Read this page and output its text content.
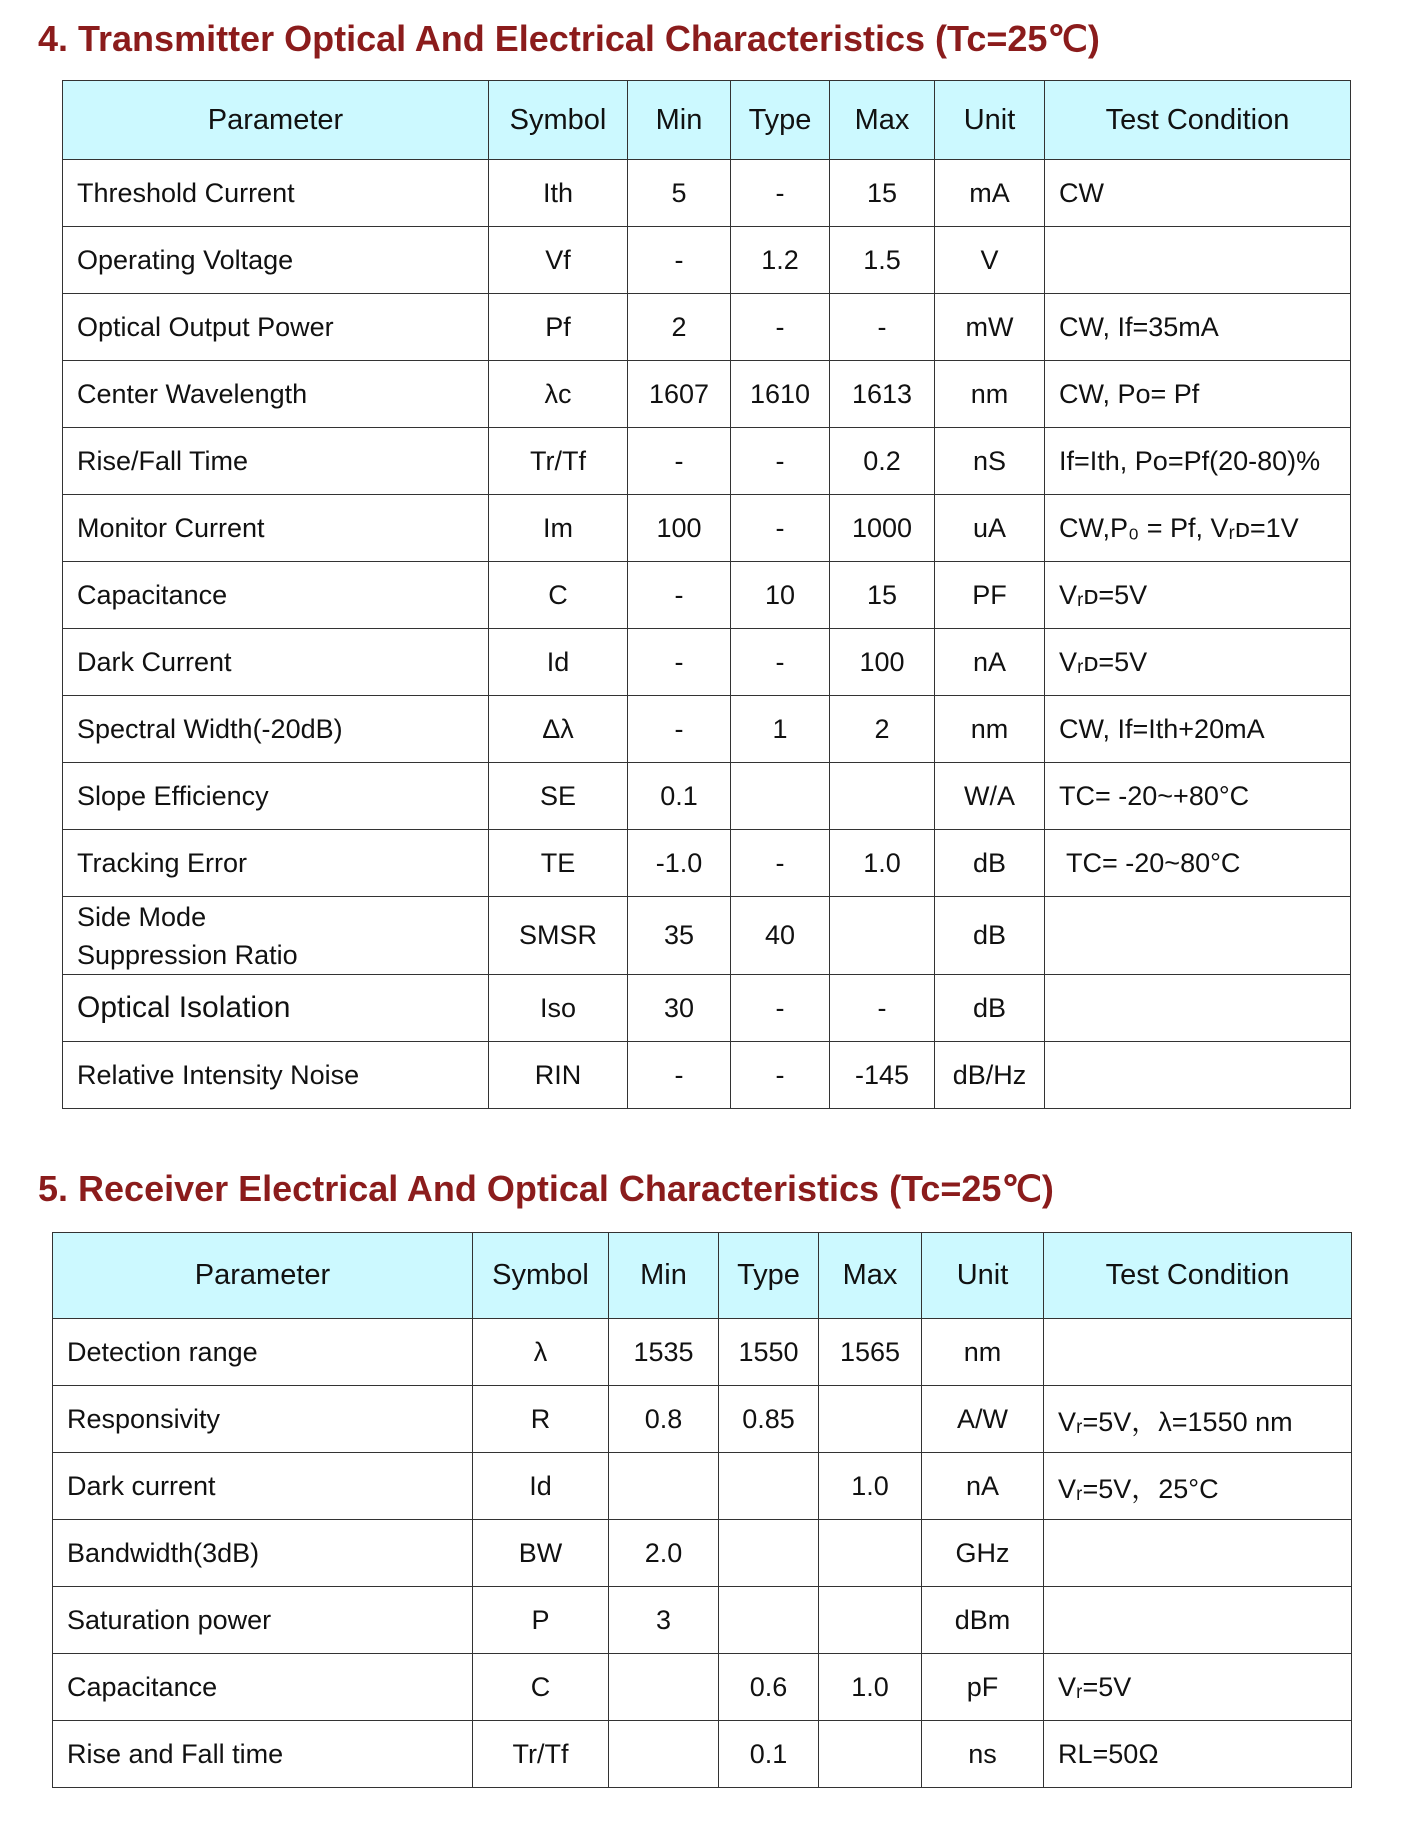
4. Transmitter Optical And Electrical Characteristics (Tc=25℃)
Parameter	Symbol	Min	Type	Max	Unit	Test Condition
Threshold Current	Ith	5	-	15	mA	CW
Operating Voltage	Vf	-	1.2	1.5	V	
Optical Output Power	Pf	2	-	-	mW	CW, If=35mA
Center Wavelength	λc	1607	1610	1613	nm	CW, Po= Pf
Rise/Fall Time	Tr/Tf	-	-	0.2	nS	If=Ith, Po=Pf(20-80)%
Monitor Current	Im	100	-	1000	uA	CW,P₀ = Pf, Vᵣᴅ=1V
Capacitance	C	-	10	15	PF	Vᵣᴅ=5V
Dark Current	Id	-	-	100	nA	Vᵣᴅ=5V
Spectral Width(-20dB)	Δλ	-	1	2	nm	CW, If=Ith+20mA
Slope Efficiency	SE	0.1			W/A	TC= -20~+80°C
Tracking Error	TE	-1.0	-	1.0	dB	TC= -20~80°C
Side Mode
Suppression Ratio	SMSR	35	40		dB	
Optical Isolation	Iso	30	-	-	dB	
Relative Intensity Noise	RIN	-	-	-145	dB/Hz	
5. Receiver Electrical And Optical Characteristics (Tc=25℃)
Parameter	Symbol	Min	Type	Max	Unit	Test Condition
Detection range	λ	1535	1550	1565	nm	
Responsivity	R	0.8	0.85		A/W	Vᵣ=5V，λ=1550 nm
Dark current	Id			1.0	nA	Vᵣ=5V，25°C
Bandwidth(3dB)	BW	2.0			GHz	
Saturation power	P	3			dBm	
Capacitance	C		0.6	1.0	pF	Vᵣ=5V
Rise and Fall time	Tr/Tf		0.1		ns	RL=50Ω
